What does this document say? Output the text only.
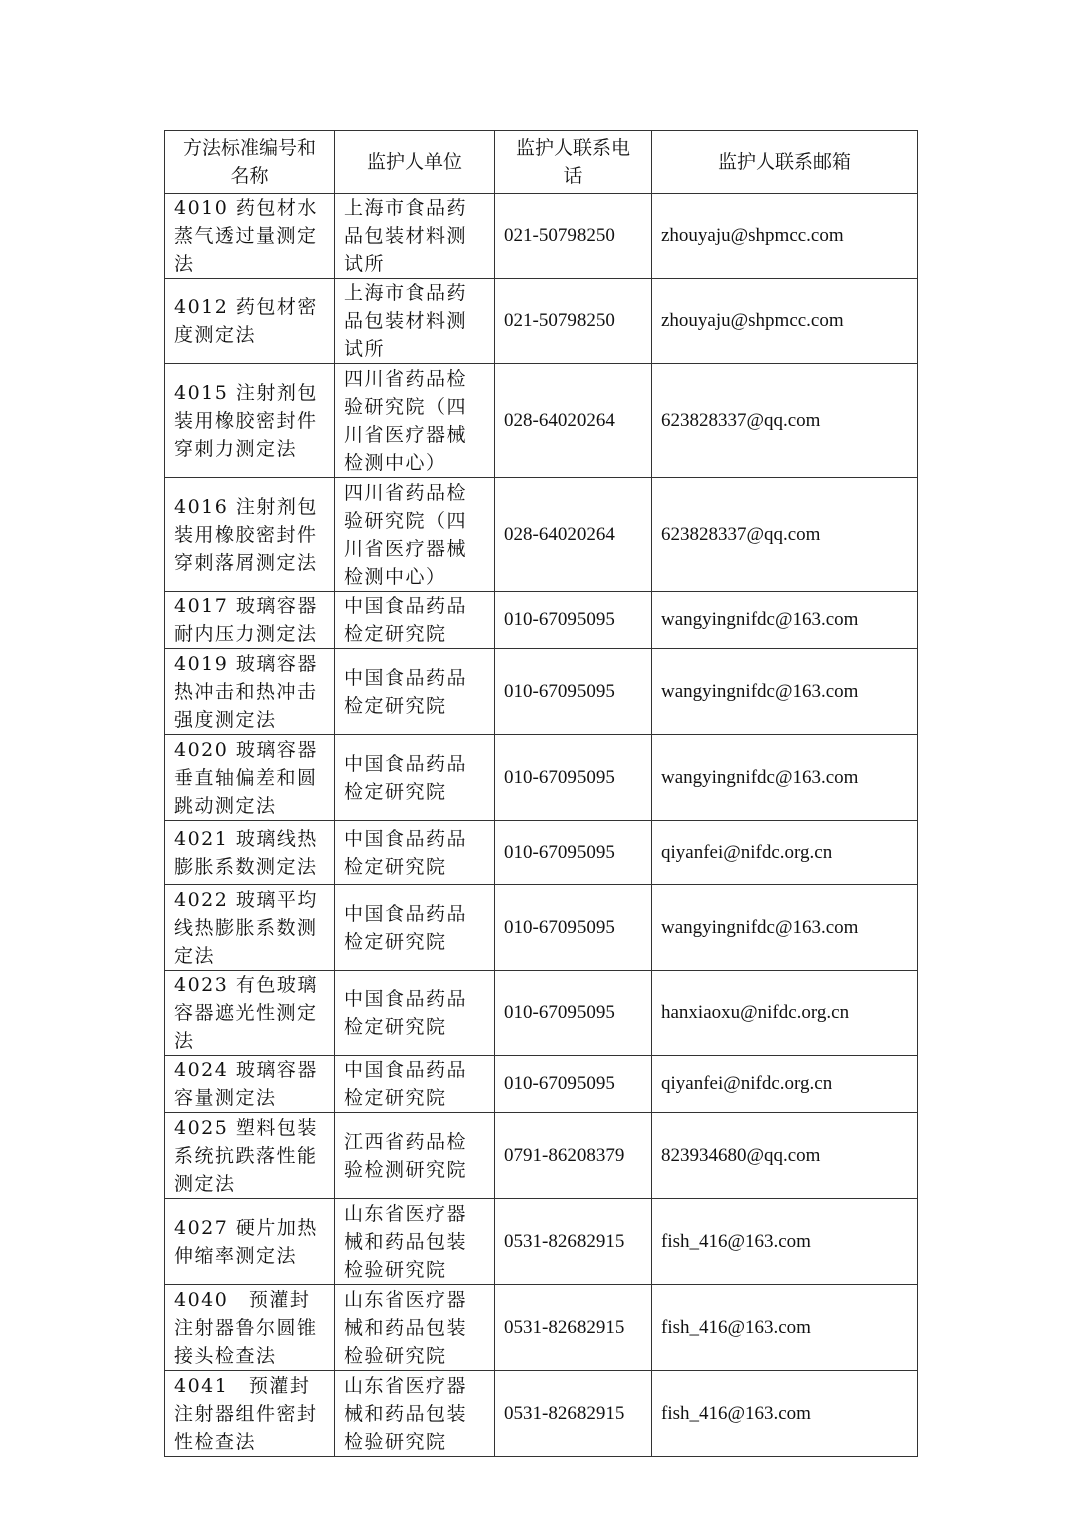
方法标准编号和名称	监护人单位	监护人联系电话	监护人联系邮箱
4010 药包材水蒸气透过量测定法	上海市食品药品包装材料测试所	021-50798250	zhouyaju@shpmcc.com
4012 药包材密度测定法	上海市食品药品包装材料测试所	021-50798250	zhouyaju@shpmcc.com
4015 注射剂包装用橡胶密封件穿刺力测定法	四川省药品检验研究院（四川省医疗器械检测中心）	028-64020264	623828337@qq.com
4016 注射剂包装用橡胶密封件穿刺落屑测定法	四川省药品检验研究院（四川省医疗器械检测中心）	028-64020264	623828337@qq.com
4017 玻璃容器耐内压力测定法	中国食品药品检定研究院	010-67095095	wangyingnifdc@163.com
4019 玻璃容器热冲击和热冲击强度测定法	中国食品药品检定研究院	010-67095095	wangyingnifdc@163.com
4020 玻璃容器垂直轴偏差和圆跳动测定法	中国食品药品检定研究院	010-67095095	wangyingnifdc@163.com
4021 玻璃线热膨胀系数测定法	中国食品药品检定研究院	010-67095095	qiyanfei@nifdc.org.cn
4022 玻璃平均线热膨胀系数测定法	中国食品药品检定研究院	010-67095095	wangyingnifdc@163.com
4023 有色玻璃容器遮光性测定法	中国食品药品检定研究院	010-67095095	hanxiaoxu@nifdc.org.cn
4024 玻璃容器容量测定法	中国食品药品检定研究院	010-67095095	qiyanfei@nifdc.org.cn
4025 塑料包装系统抗跌落性能测定法	江西省药品检验检测研究院	0791-86208379	823934680@qq.com
4027 硬片加热伸缩率测定法	山东省医疗器械和药品包装检验研究院	0531-82682915	fish_416@163.com
4040　预灌封注射器鲁尔圆锥接头检查法	山东省医疗器械和药品包装检验研究院	0531-82682915	fish_416@163.com
4041　预灌封注射器组件密封性检查法	山东省医疗器械和药品包装检验研究院	0531-82682915	fish_416@163.com
